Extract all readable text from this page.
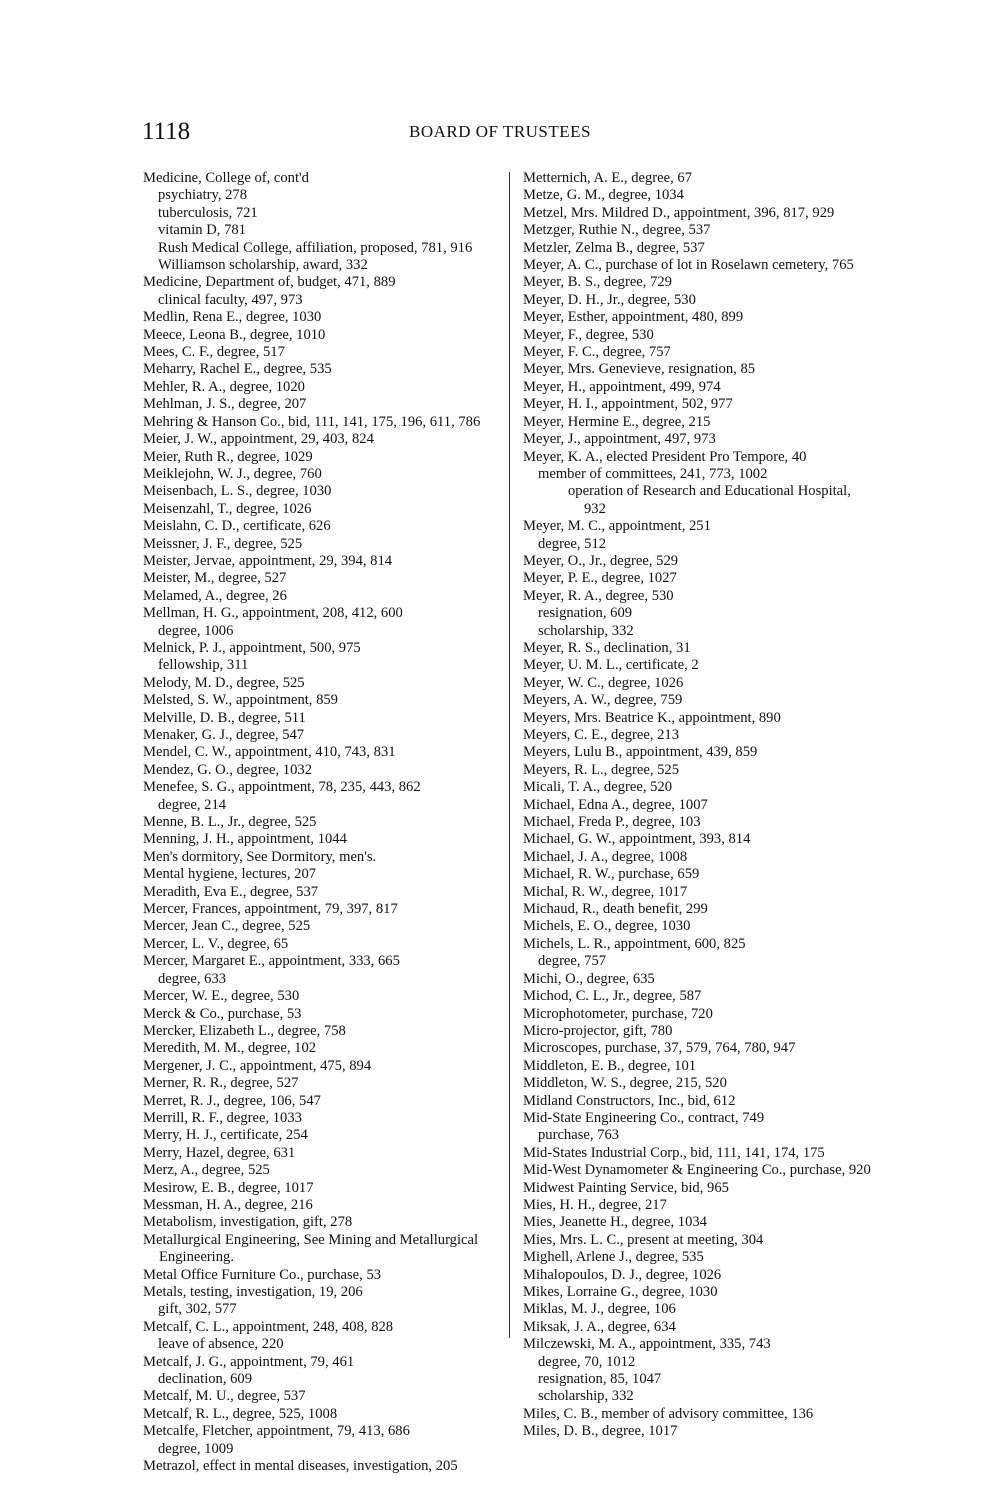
1118	BOARD OF TRUSTEES

Medicine, College of, cont'd

psychiatry, 278

tuberculosis, 721

vitamin D, 781

Rush Medical College, affiliation, proposed, 781, 916

Williamson scholarship, award, 332

Medicine, Department of, budget, 471, 889

clinical faculty, 497, 973

Medlin, Rena E., degree, 1030

Meece, Leona B., degree, 1010

Mees, C. F., degree, 517

Meharry, Rachel E., degree, 535

Mehler, R. A., degree, 1020

Mehlman, J. S., degree, 207

Mehring & Hanson Co., bid, 111, 141, 175, 196, 611, 786

Meier, J. W., appointment, 29, 403, 824

Meier, Ruth R., degree, 1029

Meiklejohn, W. J., degree, 760

Meisenbach, L. S., degree, 1030

Meisenzahl, T., degree, 1026

Meislahn, C. D., certificate, 626

Meissner, J. F., degree, 525

Meister, Jervae, appointment, 29, 394, 814

Meister, M., degree, 527

Melamed, A., degree, 26

Mellman, H. G., appointment, 208, 412, 600

degree, 1006

Melnick, P. J., appointment, 500, 975

fellowship, 311

Melody, M. D., degree, 525

Melsted, S. W., appointment, 859

Melville, D. B., degree, 511

Menaker, G. J., degree, 547

Mendel, C. W., appointment, 410, 743, 831

Mendez, G. O., degree, 1032

Menefee, S. G., appointment, 78, 235, 443, 862

degree, 214

Menne, B. L., Jr., degree, 525

Menning, J. H., appointment, 1044

Men's dormitory, See Dormitory, men's.

Mental hygiene, lectures, 207

Meradith, Eva E., degree, 537

Mercer, Frances, appointment, 79, 397, 817

Mercer, Jean C., degree, 525

Mercer, L. V., degree, 65

Mercer, Margaret E., appointment, 333, 665

degree, 633

Mercer, W. E., degree, 530

Merck & Co., purchase, 53

Mercker, Elizabeth L., degree, 758

Meredith, M. M., degree, 102

Mergener, J. C., appointment, 475, 894

Merner, R. R., degree, 527

Merret, R. J., degree, 106, 547

Merrill, R. F., degree, 1033

Merry, H. J., certificate, 254

Merry, Hazel, degree, 631

Merz, A., degree, 525

Mesirow, E. B., degree, 1017

Messman, H. A., degree, 216

Metabolism, investigation, gift, 278

Metallurgical Engineering, See Mining and Metallurgical Engineering.

Metal Office Furniture Co., purchase, 53

Metals, testing, investigation, 19, 206

gift, 302, 577

Metcalf, C. L., appointment, 248, 408, 828

leave of absence, 220

Metcalf, J. G., appointment, 79, 461

declination, 609

Metcalf, M. U., degree, 537

Metcalf, R. L., degree, 525, 1008

Metcalfe, Fletcher, appointment, 79, 413, 686

degree, 1009

Metrazol, effect in mental diseases, investigation, 205

Metternich, A. E., degree, 67

Metze, G. M., degree, 1034

Metzel, Mrs. Mildred D., appointment, 396, 817, 929

Metzger, Ruthie N., degree, 537

Metzler, Zelma B., degree, 537

Meyer, A. C., purchase of lot in Roselawn cemetery, 765

Meyer, B. S., degree, 729

Meyer, D. H., Jr., degree, 530

Meyer, Esther, appointment, 480, 899

Meyer, F., degree, 530

Meyer, F. C., degree, 757

Meyer, Mrs. Genevieve, resignation, 85

Meyer, H., appointment, 499, 974

Meyer, H. I., appointment, 502, 977

Meyer, Hermine E., degree, 215

Meyer, J., appointment, 497, 973

Meyer, K. A., elected President Pro Tempore, 40

member of committees, 241, 773, 1002

operation of Research and Educational Hospital, 932

Meyer, M. C., appointment, 251

degree, 512

Meyer, O., Jr., degree, 529

Meyer, P. E., degree, 1027

Meyer, R. A., degree, 530

resignation, 609

scholarship, 332

Meyer, R. S., declination, 31

Meyer, U. M. L., certificate, 2

Meyer, W. C., degree, 1026

Meyers, A. W., degree, 759

Meyers, Mrs. Beatrice K., appointment, 890

Meyers, C. E., degree, 213

Meyers, Lulu B., appointment, 439, 859

Meyers, R. L., degree, 525

Micali, T. A., degree, 520

Michael, Edna A., degree, 1007

Michael, Freda P., degree, 103

Michael, G. W., appointment, 393, 814

Michael, J. A., degree, 1008

Michael, R. W., purchase, 659

Michal, R. W., degree, 1017

Michaud, R., death benefit, 299

Michels, E. O., degree, 1030

Michels, L. R., appointment, 600, 825

degree, 757

Michi, O., degree, 635

Michod, C. L., Jr., degree, 587

Microphotometer, purchase, 720

Micro-projector, gift, 780

Microscopes, purchase, 37, 579, 764, 780, 947

Middleton, E. B., degree, 101

Middleton, W. S., degree, 215, 520

Midland Constructors, Inc., bid, 612

Mid-State Engineering Co., contract, 749

purchase, 763

Mid-States Industrial Corp., bid, 111, 141, 174, 175

Mid-West Dynamometer & Engineering Co., purchase, 920

Midwest Painting Service, bid, 965

Mies, H. H., degree, 217

Mies, Jeanette H., degree, 1034

Mies, Mrs. L. C., present at meeting, 304

Mighell, Arlene J., degree, 535

Mihalopoulos, D. J., degree, 1026

Mikes, Lorraine G., degree, 1030

Miklas, M. J., degree, 106

Miksak, J. A., degree, 634

Milczewski, M. A., appointment, 335, 743

degree, 70, 1012

resignation, 85, 1047

scholarship, 332

Miles, C. B., member of advisory committee, 136

Miles, D. B., degree, 1017
